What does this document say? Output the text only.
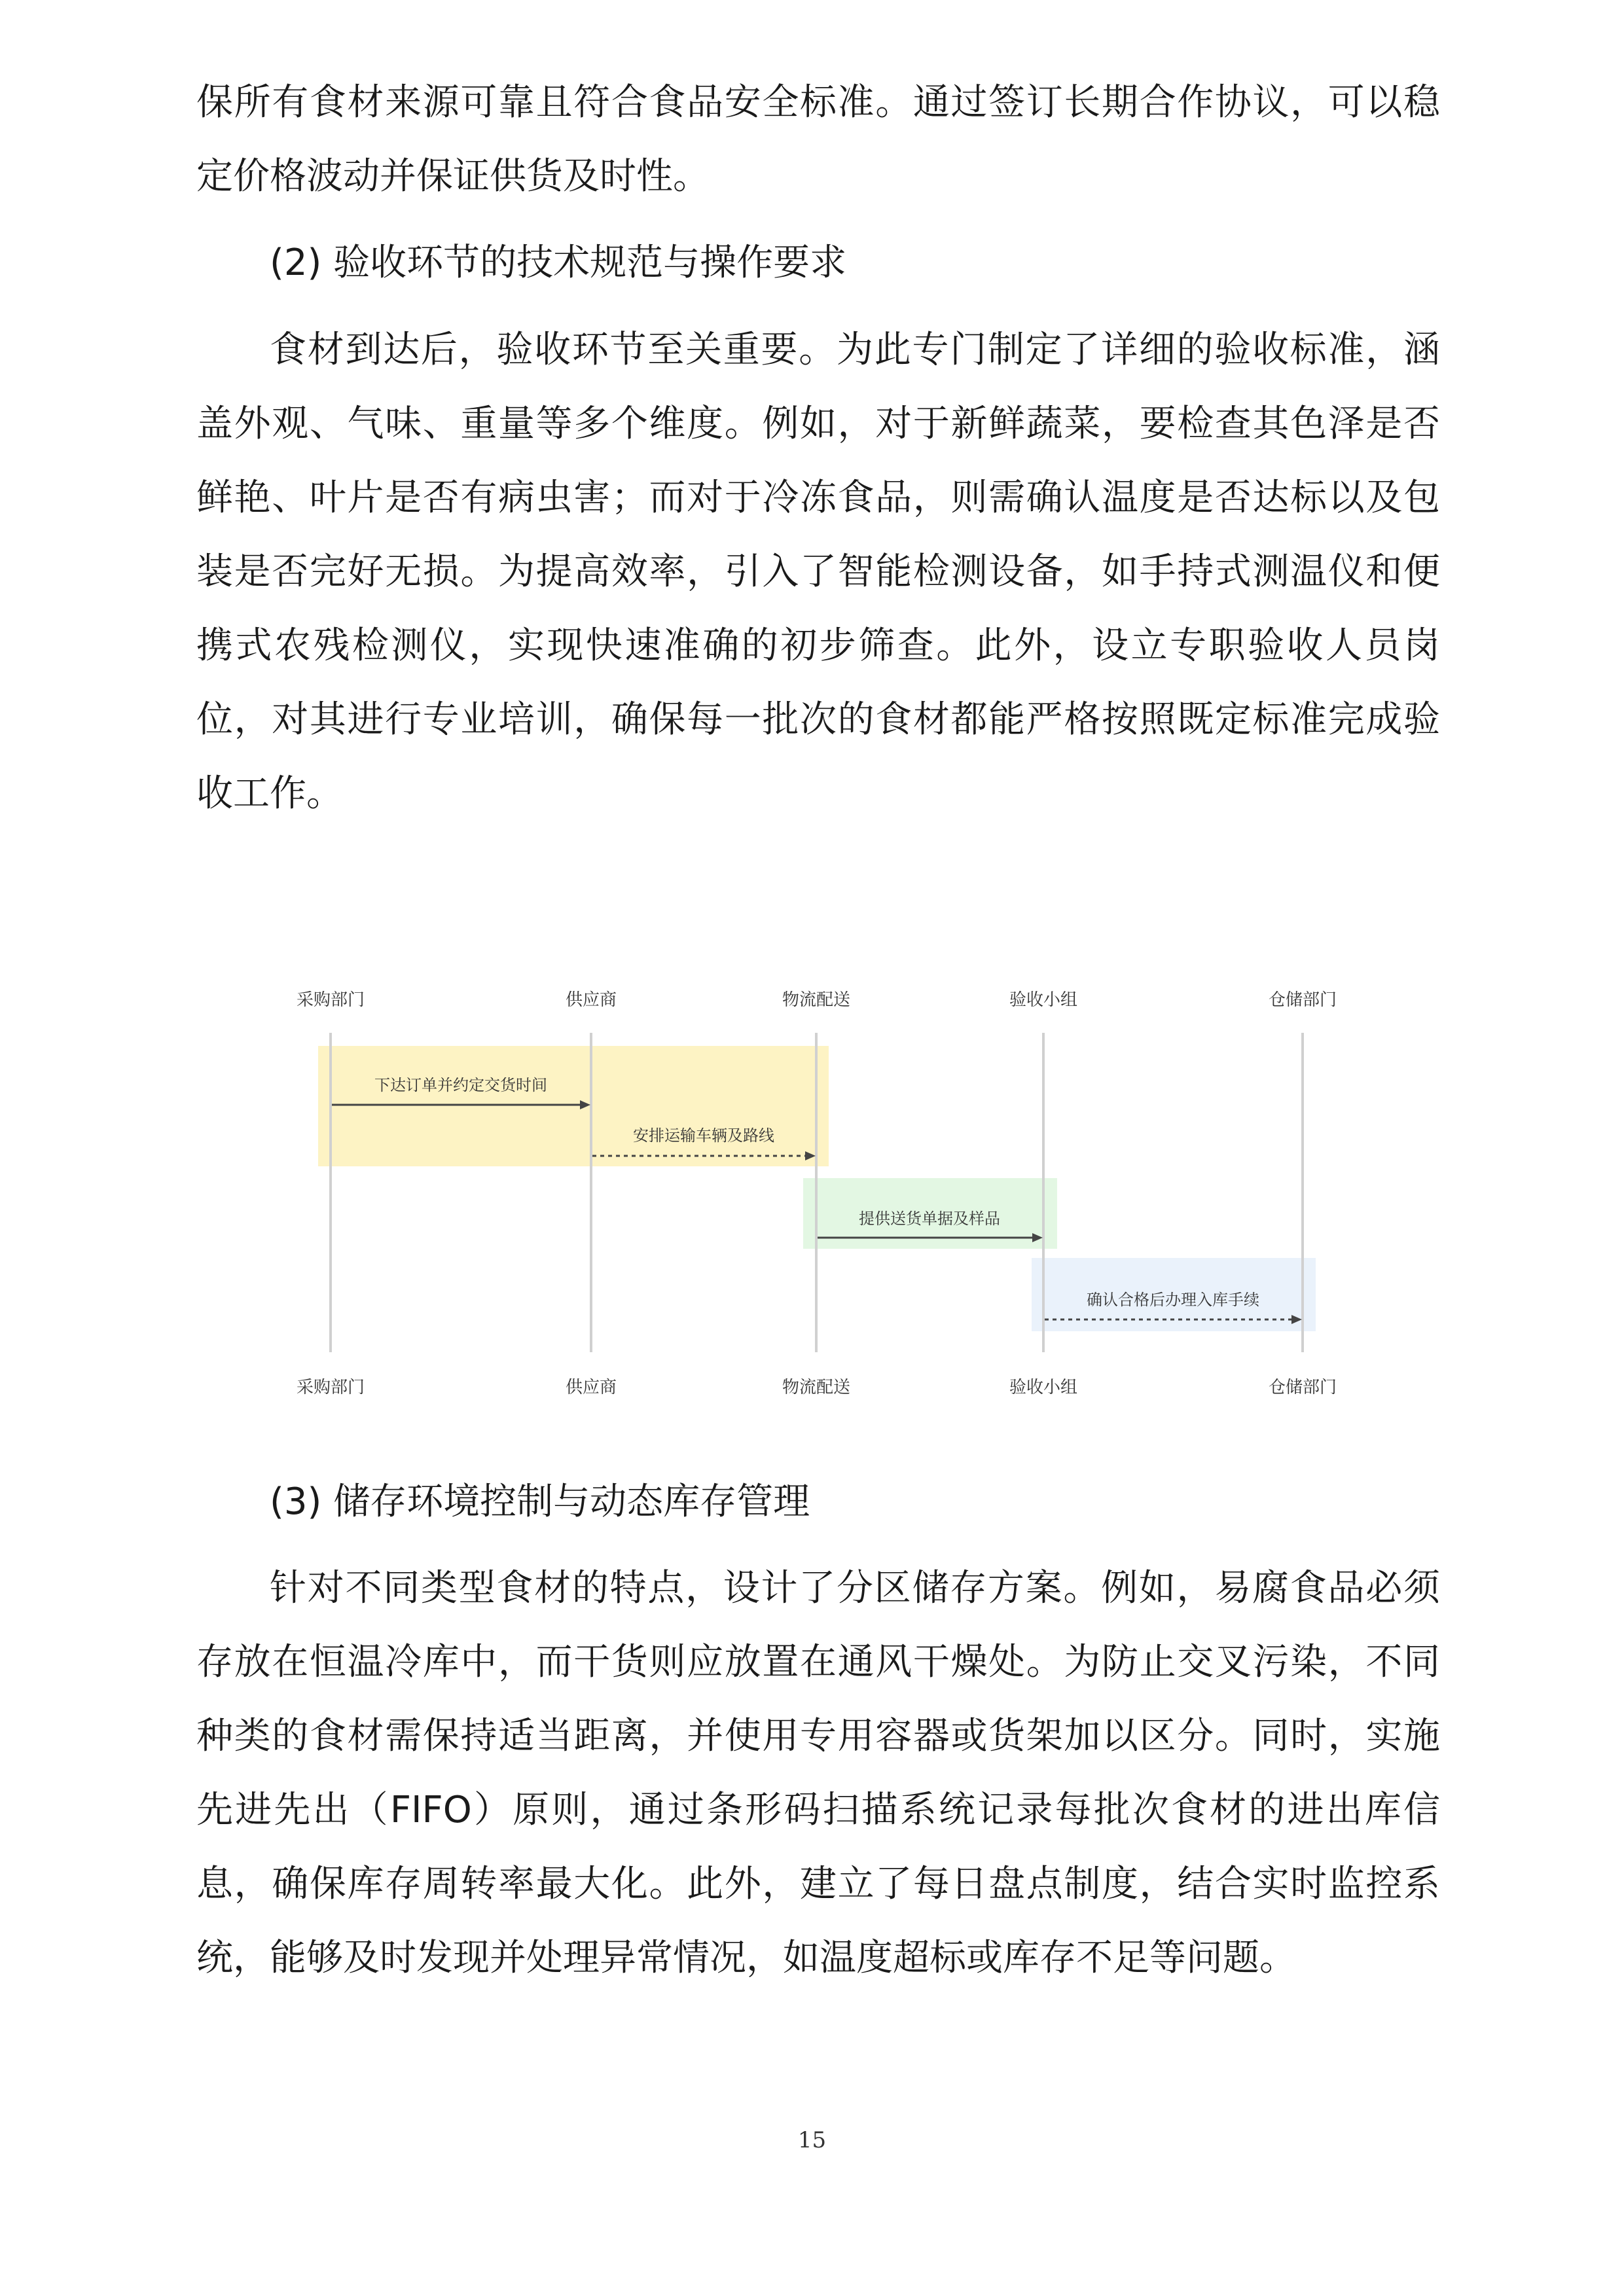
保所有食材来源可靠且符合食品安全标准。通过签订长期合作协议，可以稳定价格波动并保证供货及时性。

(2) 验收环节的技术规范与操作要求

食材到达后，验收环节至关重要。为此专门制定了详细的验收标准，涵盖外观、气味、重量等多个维度。例如，对于新鲜蔬菜，要检查其色泽是否鲜艳、叶片是否有病虫害；而对于冷冻食品，则需确认温度是否达标以及包装是否完好无损。为提高效率，引入了智能检测设备，如手持式测温仪和便携式农残检测仪，实现快速准确的初步筛查。此外，设立专职验收人员岗位，对其进行专业培训，确保每一批次的食材都能严格按照既定标准完成验收工作。

采购部门	供应商	物流配送	验收小组	仓储部门
采购部门	供应商	物流配送	验收小组	仓储部门
下达订单并约定交货时间
安排运输车辆及路线
提供送货单据及样品
确认合格后办理入库手续

(3) 储存环境控制与动态库存管理

针对不同类型食材的特点，设计了分区储存方案。例如，易腐食品必须存放在恒温冷库中，而干货则应放置在通风干燥处。为防止交叉污染，不同种类的食材需保持适当距离，并使用专用容器或货架加以区分。同时，实施先进先出（FIFO）原则，通过条形码扫描系统记录每批次食材的进出库信息，确保库存周转率最大化。此外，建立了每日盘点制度，结合实时监控系统，能够及时发现并处理异常情况，如温度超标或库存不足等问题。

15
